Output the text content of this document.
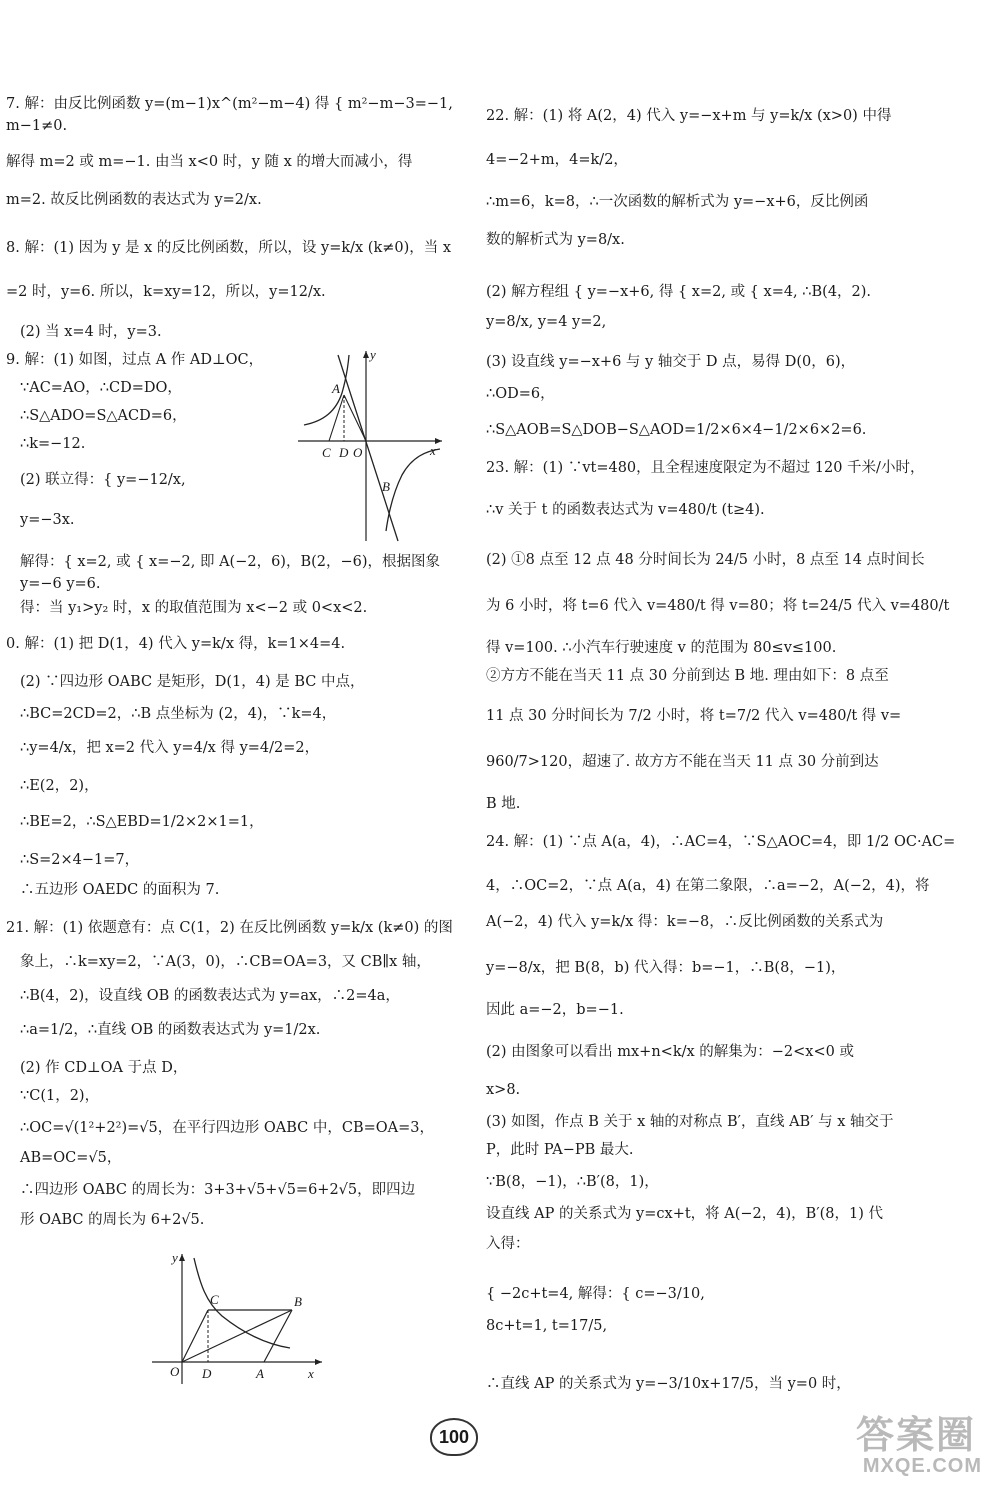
7. 解：由反比例函数 y=(m−1)x^(m²−m−4) 得 { m²−m−3=−1,
m−1≠0.
解得 m=2 或 m=−1. 由当 x<0 时，y 随 x 的增大而减小，得
m=2. 故反比例函数的表达式为 y=2/x.
8. 解：(1) 因为 y 是 x 的反比例函数，所以，设 y=k/x (k≠0)，当 x
=2 时，y=6. 所以，k=xy=12，所以，y=12/x.
(2) 当 x=4 时，y=3.
9. 解：(1) 如图，过点 A 作 AD⊥OC，
∵AC=AO，∴CD=DO，
∴S△ADO=S△ACD=6，
∴k=−12.
(2) 联立得：{ y=−12/x,
y=−3x.
解得：{ x=2, 或 { x=−2, 即 A(−2，6)，B(2，−6)，根据图象
y=−6 y=6.
得：当 y₁>y₂ 时，x 的取值范围为 x<−2 或 0<x<2.
0. 解：(1) 把 D(1，4) 代入 y=k/x 得，k=1×4=4.
(2) ∵四边形 OABC 是矩形，D(1，4) 是 BC 中点，
∴BC=2CD=2，∴B 点坐标为 (2，4)，∵k=4，
∴y=4/x，把 x=2 代入 y=4/x 得 y=4/2=2，
∴E(2，2)，
∴BE=2，∴S△EBD=1/2×2×1=1，
∴S=2×4−1=7，
∴五边形 OAEDC 的面积为 7.
21. 解：(1) 依题意有：点 C(1，2) 在反比例函数 y=k/x (k≠0) 的图
象上，∴k=xy=2，∵A(3，0)，∴CB=OA=3，又 CB∥x 轴，
∴B(4，2)，设直线 OB 的函数表达式为 y=ax，∴2=4a，
∴a=1/2，∴直线 OB 的函数表达式为 y=1/2x.
(2) 作 CD⊥OA 于点 D，
∵C(1，2)，
∴OC=√(1²+2²)=√5，在平行四边形 OABC 中，CB=OA=3，
AB=OC=√5，
∴四边形 OABC 的周长为：3+3+√5+√5=6+2√5，即四边
形 OABC 的周长为 6+2√5.
y
A
C D O	x
B
y
C	B
O D	A	x
22. 解：(1) 将 A(2，4) 代入 y=−x+m 与 y=k/x (x>0) 中得
4=−2+m，4=k/2，
∴m=6，k=8，∴一次函数的解析式为 y=−x+6，反比例函
数的解析式为 y=8/x.
(2) 解方程组 { y=−x+6, 得 { x=2, 或 { x=4, ∴B(4，2).
y=8/x, y=4 y=2,
(3) 设直线 y=−x+6 与 y 轴交于 D 点，易得 D(0，6)，
∴OD=6，
∴S△AOB=S△DOB−S△AOD=1/2×6×4−1/2×6×2=6.
23. 解：(1) ∵vt=480，且全程速度限定为不超过 120 千米/小时，
∴v 关于 t 的函数表达式为 v=480/t (t≥4).
(2) ①8 点至 12 点 48 分时间长为 24/5 小时，8 点至 14 点时间长
为 6 小时，将 t=6 代入 v=480/t 得 v=80；将 t=24/5 代入 v=480/t
得 v=100. ∴小汽车行驶速度 v 的范围为 80≤v≤100.
②方方不能在当天 11 点 30 分前到达 B 地. 理由如下：8 点至
11 点 30 分时间长为 7/2 小时，将 t=7/2 代入 v=480/t 得 v=
960/7>120，超速了. 故方方不能在当天 11 点 30 分前到达
B 地.
24. 解：(1) ∵点 A(a，4)，∴AC=4，∵S△AOC=4，即 1/2 OC·AC=
4，∴OC=2，∵点 A(a，4) 在第二象限，∴a=−2，A(−2，4)，将
A(−2，4) 代入 y=k/x 得：k=−8，∴反比例函数的关系式为
y=−8/x，把 B(8，b) 代入得：b=−1，∴B(8，−1)，
因此 a=−2，b=−1.
(2) 由图象可以看出 mx+n<k/x 的解集为：−2<x<0 或
x>8.
(3) 如图，作点 B 关于 x 轴的对称点 B′，直线 AB′ 与 x 轴交于
P，此时 PA−PB 最大.
∵B(8，−1)，∴B′(8，1)，
设直线 AP 的关系式为 y=cx+t，将 A(−2，4)，B′(8，1) 代
入得：
{ −2c+t=4, 解得：{ c=−3/10,
8c+t=1, t=17/5,
∴直线 AP 的关系式为 y=−3/10x+17/5，当 y=0 时，
100	答案圈
MXQE.COM
